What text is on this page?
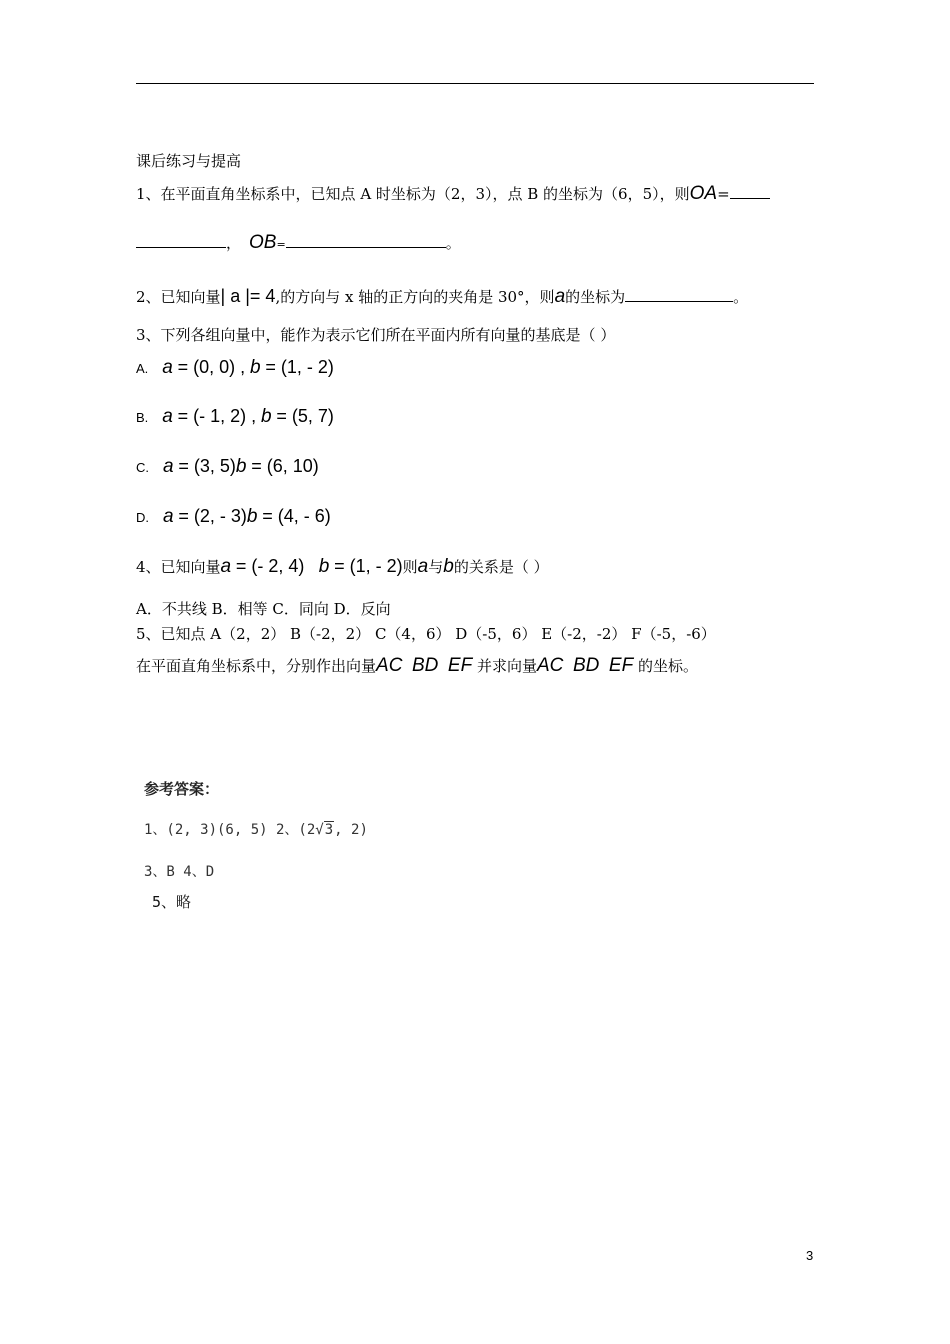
课后练习与提高
1、在平面直角坐标系中，已知点 A 时坐标为（2，3），点 B 的坐标为（6，5），则OA=
， OB=	。
2、已知向量| a |= 4,的方向与 x 轴的正方向的夹角是 30°，则a的坐标为	。
3、下列各组向量中，能作为表示它们所在平面内所有向量的基底是（ ）
A. a = (0, 0) , b = (1, - 2)
B. a = (- 1, 2) , b = (5, 7)
C. a = (3, 5)b = (6, 10)
D. a = (2, - 3)b = (4, - 6)
4、已知向量a = (- 2, 4) b = (1, - 2)则a与b的关系是（ ）
A．不共线 B．相等 C．同向 D．反向
5、已知点 A（2，2） B（-2，2） C（4，6） D（-5，6） E（-2，-2） F（-5，-6）
在平面直角坐标系中，分别作出向量AC BD EF 并求向量AC BD EF 的坐标。
参考答案：
1、(2, 3)(6, 5) 2、(2√3, 2)
3、B 4、D
5、略
3
